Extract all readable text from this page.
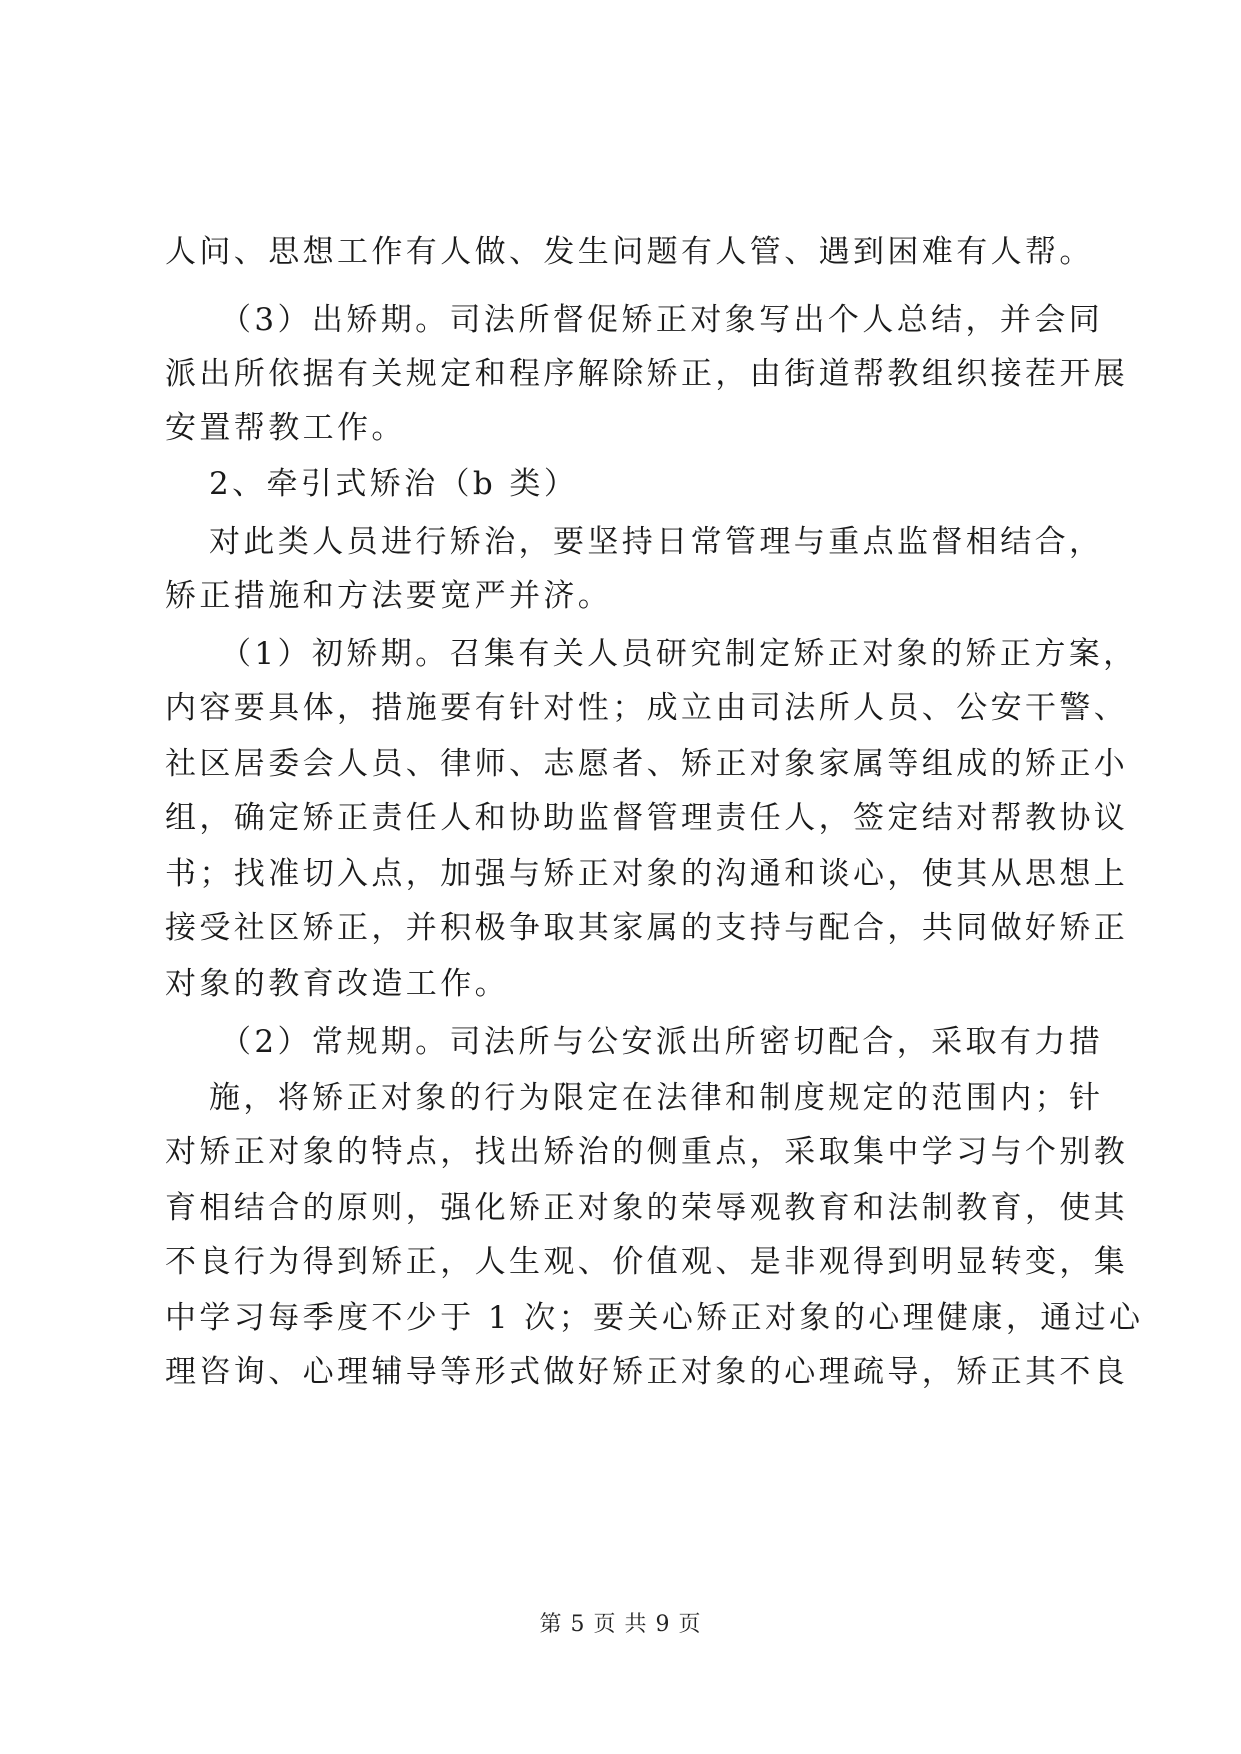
人问、思想工作有人做、发生问题有人管、遇到困难有人帮。
（3）出矫期。司法所督促矫正对象写出个人总结，并会同
派出所依据有关规定和程序解除矫正，由街道帮教组织接茬开展
安置帮教工作。
2、牵引式矫治（b 类）
对此类人员进行矫治，要坚持日常管理与重点监督相结合，
矫正措施和方法要宽严并济。
（1）初矫期。召集有关人员研究制定矫正对象的矫正方案，
内容要具体，措施要有针对性；成立由司法所人员、公安干警、
社区居委会人员、律师、志愿者、矫正对象家属等组成的矫正小
组，确定矫正责任人和协助监督管理责任人，签定结对帮教协议
书；找准切入点，加强与矫正对象的沟通和谈心，使其从思想上
接受社区矫正，并积极争取其家属的支持与配合，共同做好矫正
对象的教育改造工作。
（2）常规期。司法所与公安派出所密切配合，采取有力措
施，将矫正对象的行为限定在法律和制度规定的范围内；针
对矫正对象的特点，找出矫治的侧重点，采取集中学习与个别教
育相结合的原则，强化矫正对象的荣辱观教育和法制教育，使其
不良行为得到矫正，人生观、价值观、是非观得到明显转变，集
中学习每季度不少于 1 次；要关心矫正对象的心理健康，通过心
理咨询、心理辅导等形式做好矫正对象的心理疏导，矫正其不良
第 5 页 共 9 页
